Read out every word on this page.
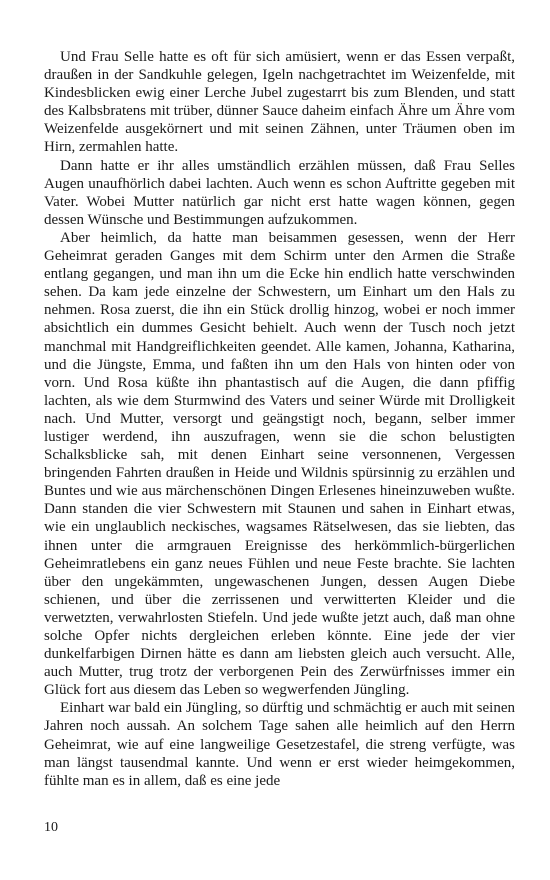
Und Frau Selle hatte es oft für sich amüsiert, wenn er das Essen verpaßt, draußen in der Sandkuhle gelegen, Igeln nachgetrachtet im Weizenfelde, mit Kindesblicken ewig einer Lerche Jubel zugestarrt bis zum Blenden, und statt des Kalbsbratens mit trüber, dünner Sauce daheim einfach Ähre um Ähre vom Weizenfelde ausgekörnert und mit seinen Zähnen, unter Träumen oben im Hirn, zermahlen hatte.

Dann hatte er ihr alles umständlich erzählen müssen, daß Frau Selles Augen unaufhörlich dabei lachten. Auch wenn es schon Auftritte gegeben mit Vater. Wobei Mutter natürlich gar nicht erst hatte wagen können, gegen dessen Wünsche und Bestimmungen aufzukommen.

Aber heimlich, da hatte man beisammen gesessen, wenn der Herr Geheimrat geraden Ganges mit dem Schirm unter den Armen die Straße entlang gegangen, und man ihn um die Ecke hin endlich hatte verschwinden sehen. Da kam jede einzelne der Schwestern, um Einhart um den Hals zu nehmen. Rosa zuerst, die ihn ein Stück drollig hinzog, wobei er noch immer absichtlich ein dummes Gesicht behielt. Auch wenn der Tusch noch jetzt manchmal mit Handgreiflichkeiten geendet. Alle kamen, Johanna, Katharina, und die Jüngste, Emma, und faßten ihn um den Hals von hinten oder von vorn. Und Rosa küßte ihn phantastisch auf die Augen, die dann pfiffig lachten, als wie dem Sturmwind des Vaters und seiner Würde mit Drolligkeit nach. Und Mutter, versorgt und geängstigt noch, begann, selber immer lustiger werdend, ihn auszufragen, wenn sie die schon belustigten Schalksblicke sah, mit denen Einhart seine versonnenen, Vergessen bringenden Fahrten draußen in Heide und Wildnis spürsinnig zu erzählen und Buntes und wie aus märchenschönen Dingen Erlesenes hineinzuweben wußte. Dann standen die vier Schwestern mit Staunen und sahen in Einhart etwas, wie ein unglaublich neckisches, wagsames Rätselwesen, das sie liebten, das ihnen unter die armgrauen Ereignisse des herkömmlich-bürgerlichen Geheimratlebens ein ganz neues Fühlen und neue Feste brachte. Sie lachten über den ungekämmten, ungewaschenen Jungen, dessen Augen Diebe schienen, und über die zerrissenen und verwitterten Kleider und die verwetzten, verwahrlosten Stiefeln. Und jede wußte jetzt auch, daß man ohne solche Opfer nichts dergleichen erleben könnte. Eine jede der vier dunkelfarbigen Dirnen hätte es dann am liebsten gleich auch versucht. Alle, auch Mutter, trug trotz der verborgenen Pein des Zerwürfnisses immer ein Glück fort aus diesem das Leben so wegwerfenden Jüngling.

Einhart war bald ein Jüngling, so dürftig und schmächtig er auch mit seinen Jahren noch aussah. An solchem Tage sahen alle heimlich auf den Herrn Geheimrat, wie auf eine langweilige Gesetzestafel, die streng verfügte, was man längst tausendmal kannte. Und wenn er erst wieder heimgekommen, fühlte man es in allem, daß es eine jede

10
